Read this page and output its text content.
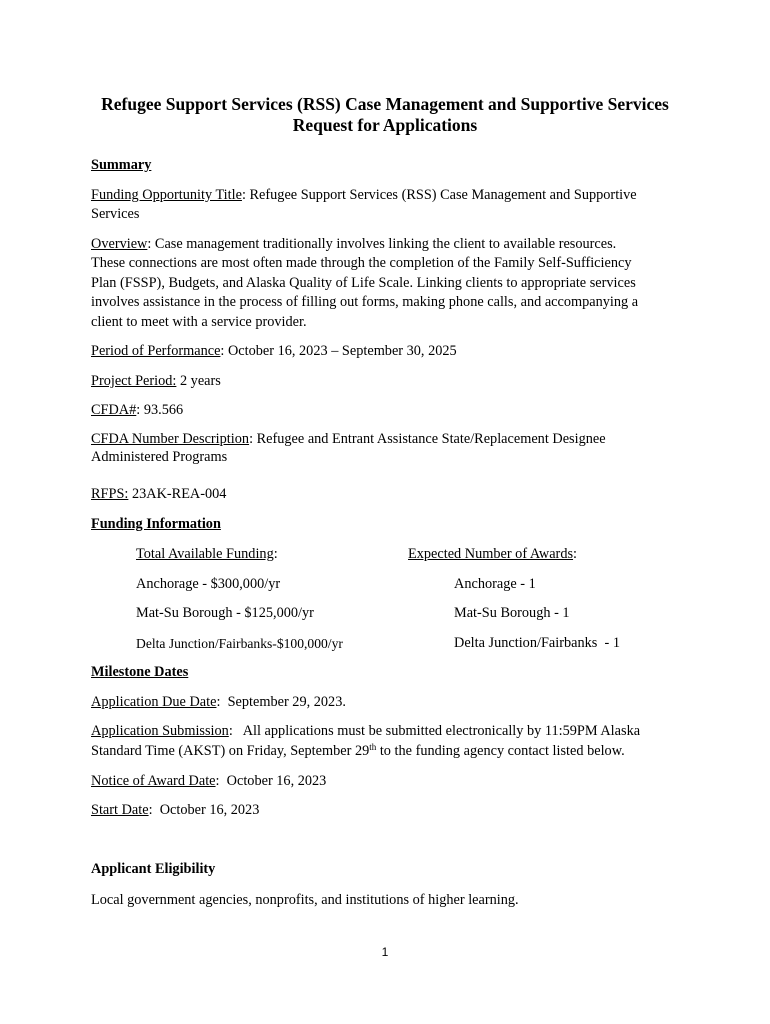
Refugee Support Services (RSS) Case Management and Supportive Services
Request for Applications
Summary
Funding Opportunity Title: Refugee Support Services (RSS) Case Management and Supportive
Services
Overview: Case management traditionally involves linking the client to available resources.
These connections are most often made through the completion of the Family Self-Sufficiency
Plan (FSSP), Budgets, and Alaska Quality of Life Scale. Linking clients to appropriate services
involves assistance in the process of filling out forms, making phone calls, and accompanying a
client to meet with a service provider.
Period of Performance: October 16, 2023 – September 30, 2025
Project Period: 2 years
CFDA#: 93.566
CFDA Number Description: Refugee and Entrant Assistance State/Replacement Designee
Administered Programs
RFPS: 23AK-REA-004
Funding Information
Total Available Funding:	Expected Number of Awards:
Anchorage - $300,000/yr	Anchorage - 1
Mat-Su Borough - $125,000/yr	Mat-Su Borough - 1
Delta Junction/Fairbanks-$100,000/yr	Delta Junction/Fairbanks  - 1
Milestone Dates
Application Due Date:  September 29, 2023.
Application Submission:   All applications must be submitted electronically by 11:59PM Alaska
Standard Time (AKST) on Friday, September 29th to the funding agency contact listed below.
Notice of Award Date:  October 16, 2023
Start Date:  October 16, 2023
Applicant Eligibility
Local government agencies, nonprofits, and institutions of higher learning.
1
